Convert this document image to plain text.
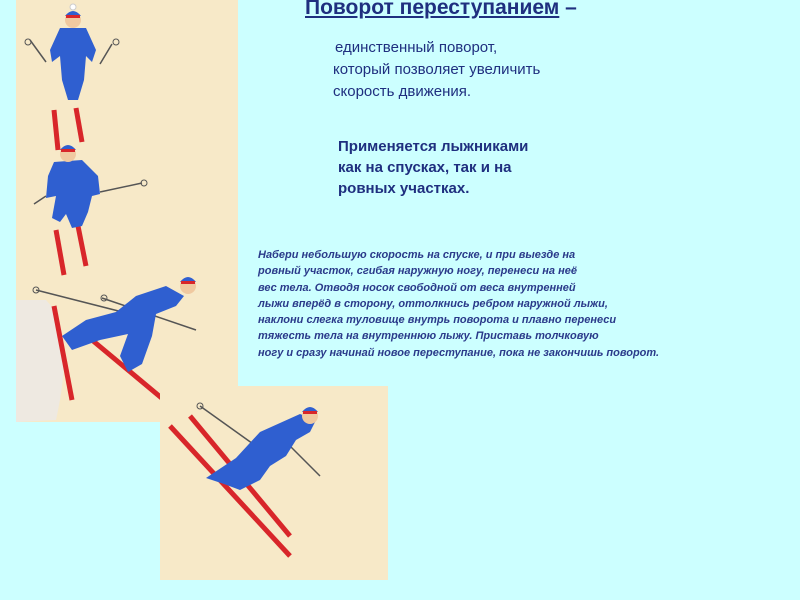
Поворот переступанием –

единственный поворот,
который позволяет увеличить
скорость движения.

Применяется лыжниками
как на спусках, так и на
ровных участках.

Набери небольшую скорость на спуске, и при выезде на
ровный участок, сгибая наружную ногу, перенеси на неё
вес тела. Отводя носок свободной от веса внутренней
лыжи вперёд в сторону, оттолкнись ребром наружной лыжи,
наклони слегка туловище внутрь поворота и плавно перенеси
тяжесть тела на внутреннюю лыжу. Приставь толчковую
ногу и сразу начинай новое переступание, пока не закончишь поворот.
